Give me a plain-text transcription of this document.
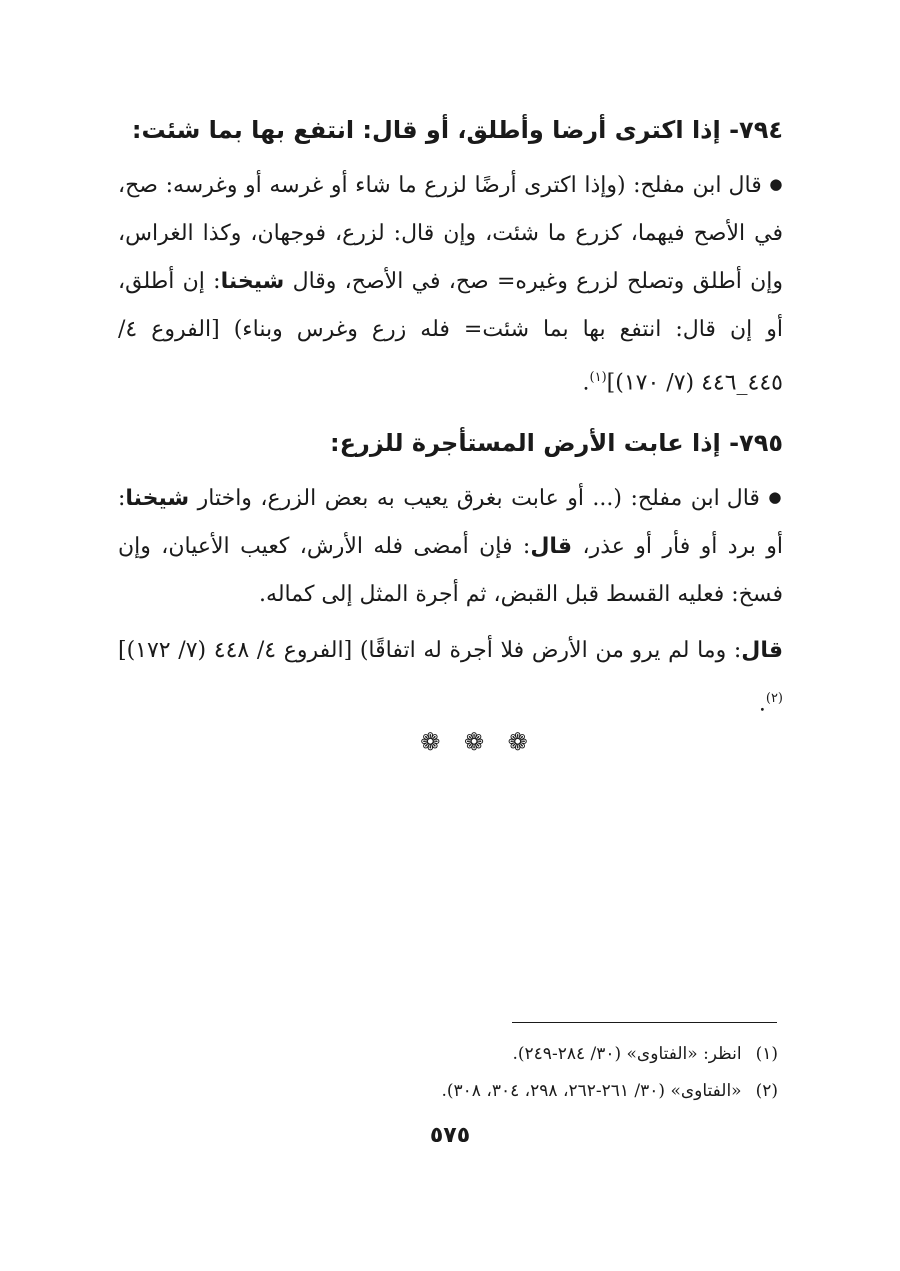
٧٩٤- إذا اكترى أرضا وأطلق، أو قال: انتفع بها بما شئت:

● قال ابن مفلح: (وإذا اكترى أرضًا لزرع ما شاء أو غرسه أو وغرسه: صح، في الأصح فيهما، كزرع ما شئت، وإن قال: لزرع، فوجهان، وكذا الغراس، وإن أطلق وتصلح لزرع وغيره= صح، في الأصح، وقال شيخنا: إن أطلق، أو إن قال: انتفع بها بما شئت= فله زرع وغرس وبناء) [الفروع ٤/ ٤٤٥_٤٤٦ (٧/ ١٧٠)]$^{(١)}$.

٧٩٥- إذا عابت الأرض المستأجرة للزرع:

● قال ابن مفلح: (... أو عابت بغرق يعيب به بعض الزرع، واختار شيخنا: أو برد أو فأر أو عذر، قال: فإن أمضى فله الأرش، كعيب الأعيان، وإن فسخ: فعليه القسط قبل القبض، ثم أجرة المثل إلى كماله.

قال: وما لم يرو من الأرض فلا أجرة له اتفاقًا) [الفروع ٤/ ٤٤٨ (٧/ ١٧٢)]$^{(٢)}$.

❁ ❁ ❁

(١)انظر: «الفتاوى» (٣٠/ ٢٨٤-٢٤٩).

(٢)«الفتاوى» (٣٠/ ٢٦١-٢٦٢، ٢٩٨، ٣٠٤، ٣٠٨).

٥٧٥
